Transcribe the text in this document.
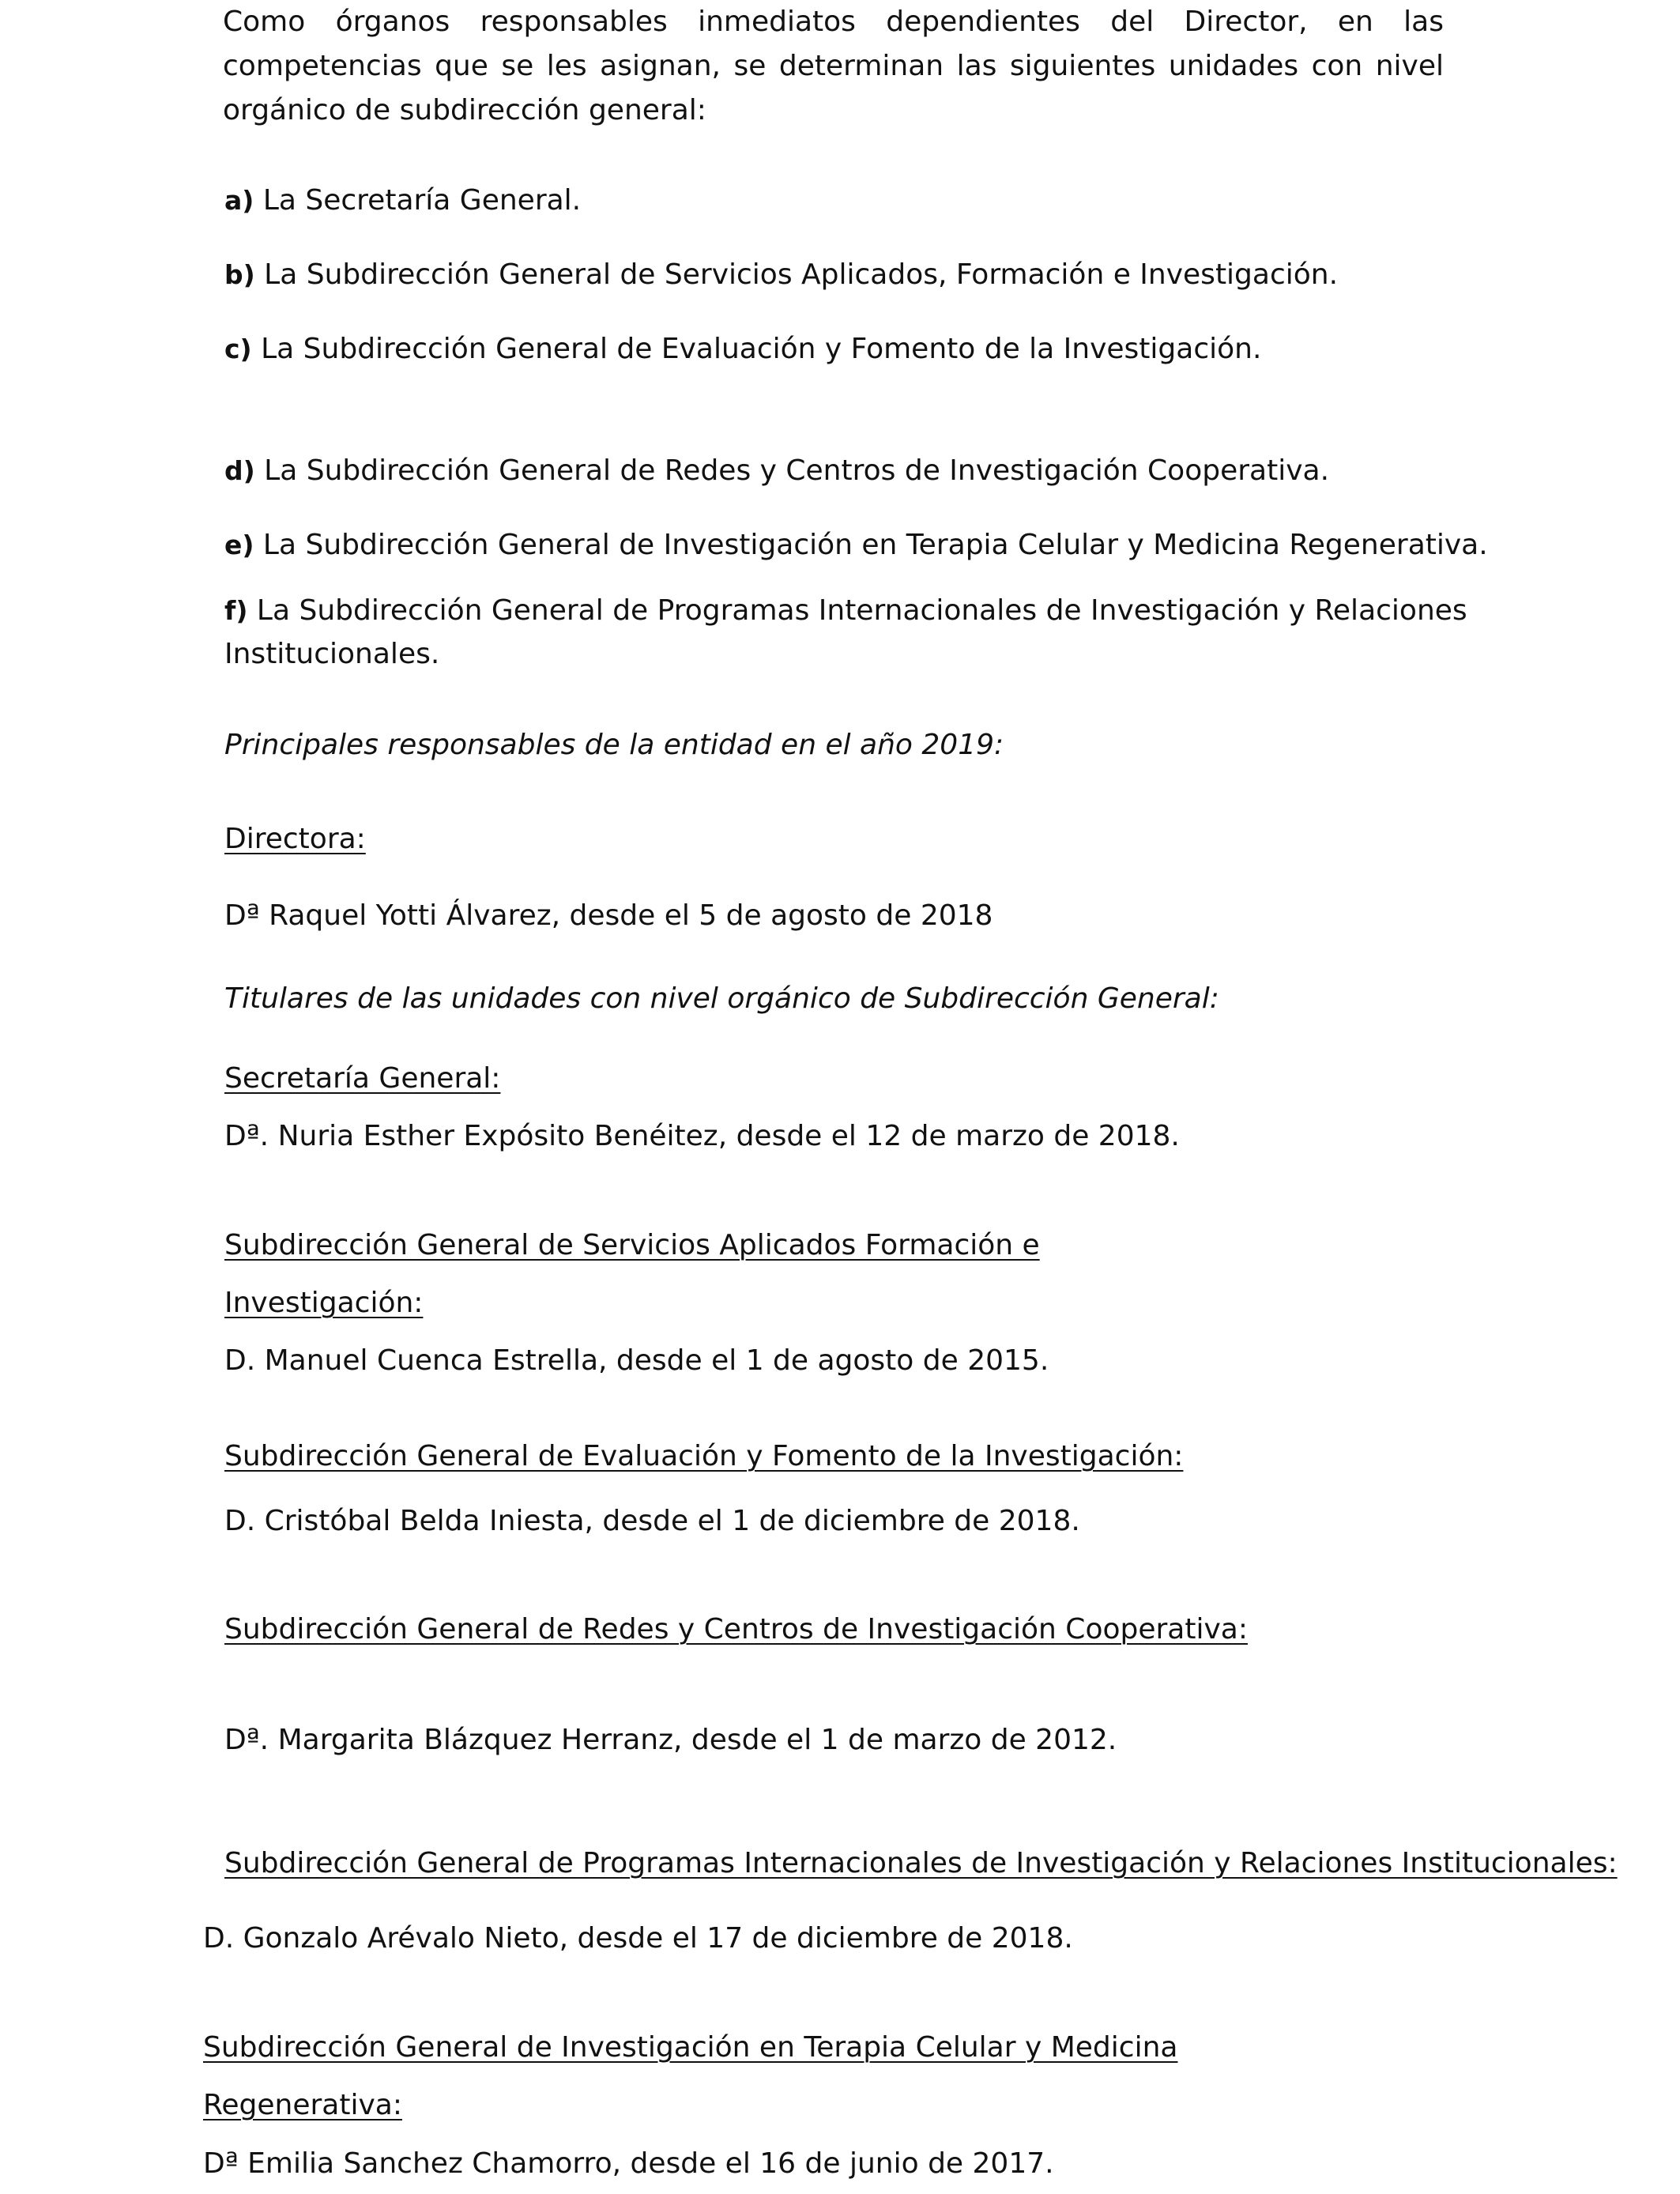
Como órganos responsables inmediatos dependientes del Director, en las competencias que se les asignan, se determinan las siguientes unidades con nivel orgánico de subdirección general:
a) La Secretaría General.
b) La Subdirección General de Servicios Aplicados, Formación e Investigación.
c) La Subdirección General de Evaluación y Fomento de la Investigación.
d) La Subdirección General de Redes y Centros de Investigación Cooperativa.
e) La Subdirección General de Investigación en Terapia Celular y Medicina Regenerativa.
f) La Subdirección General de Programas Internacionales de Investigación y Relaciones
Institucionales.
Principales responsables de la entidad en el año 2019:
Directora:
Dª Raquel Yotti Álvarez, desde el 5 de agosto de 2018
Titulares de las unidades con nivel orgánico de Subdirección General:
Secretaría General:
Dª. Nuria Esther Expósito Benéitez, desde el 12 de marzo de 2018.
Subdirección General de Servicios Aplicados Formación e
Investigación:
D. Manuel Cuenca Estrella, desde el 1 de agosto de 2015.
Subdirección General de Evaluación y Fomento de la Investigación:
D. Cristóbal Belda Iniesta, desde el 1 de diciembre de 2018.
Subdirección General de Redes y Centros de Investigación Cooperativa:
Dª. Margarita Blázquez Herranz, desde el 1 de marzo de 2012.
Subdirección General de Programas Internacionales de Investigación y Relaciones Institucionales:
D. Gonzalo Arévalo Nieto, desde el 17 de diciembre de 2018.
Subdirección General de Investigación en Terapia Celular y Medicina
Regenerativa:
Dª Emilia Sanchez Chamorro, desde el 16 de junio de 2017.
